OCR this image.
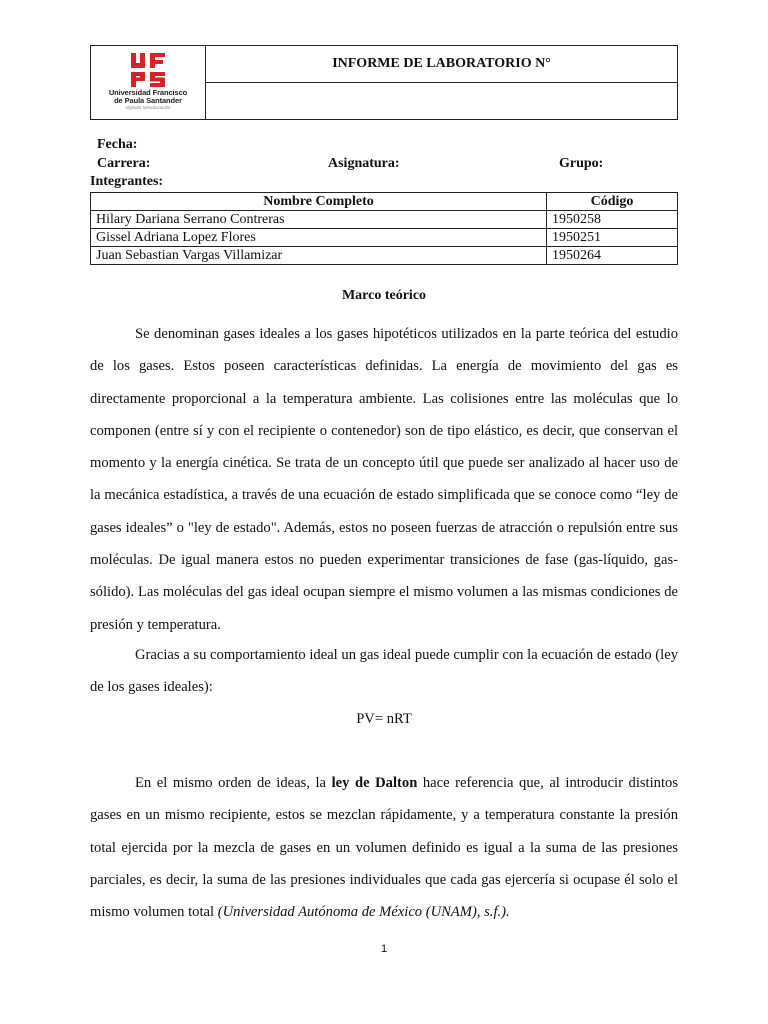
Universidad Francisco
de Paula Santander
Vigilada Mineducación
	INFORME DE LABORATORIO N°

Fecha:
Carrera:	Asignatura:	Grupo:
Integrantes:
Nombre Completo	Código
Hilary Dariana Serrano Contreras	1950258
Gissel Adriana Lopez Flores	1950251
Juan Sebastian Vargas Villamizar	1950264
Marco teórico

Se denominan gases ideales a los gases hipotéticos utilizados en la parte teórica del estudio de los gases. Estos poseen características definidas. La energía de movimiento del gas es directamente proporcional a la temperatura ambiente. Las colisiones entre las moléculas que lo componen (entre sí y con el recipiente o contenedor) son de tipo elástico, es decir, que conservan el momento y la energía cinética. Se trata de un concepto útil que puede ser analizado al hacer uso de la mecánica estadística, a través de una ecuación de estado simplificada que se conoce como “ley de gases ideales” o "ley de estado". Además, estos no poseen fuerzas de atracción o repulsión entre sus moléculas. De igual manera estos no pueden experimentar transiciones de fase (gas-líquido, gas-sólido). Las moléculas del gas ideal ocupan siempre el mismo volumen a las mismas condiciones de presión y temperatura.

Gracias a su comportamiento ideal un gas ideal puede cumplir con la ecuación de estado (ley de los gases ideales):

PV= nRT

En el mismo orden de ideas, la ley de Dalton hace referencia que, al introducir distintos gases en un mismo recipiente, estos se mezclan rápidamente, y a temperatura constante la presión total ejercida por la mezcla de gases en un volumen definido es igual a la suma de las presiones parciales, es decir, la suma de las presiones individuales que cada gas ejercería si ocupase él solo el mismo volumen total (Universidad Autónoma de México (UNAM), s.f.).

1
